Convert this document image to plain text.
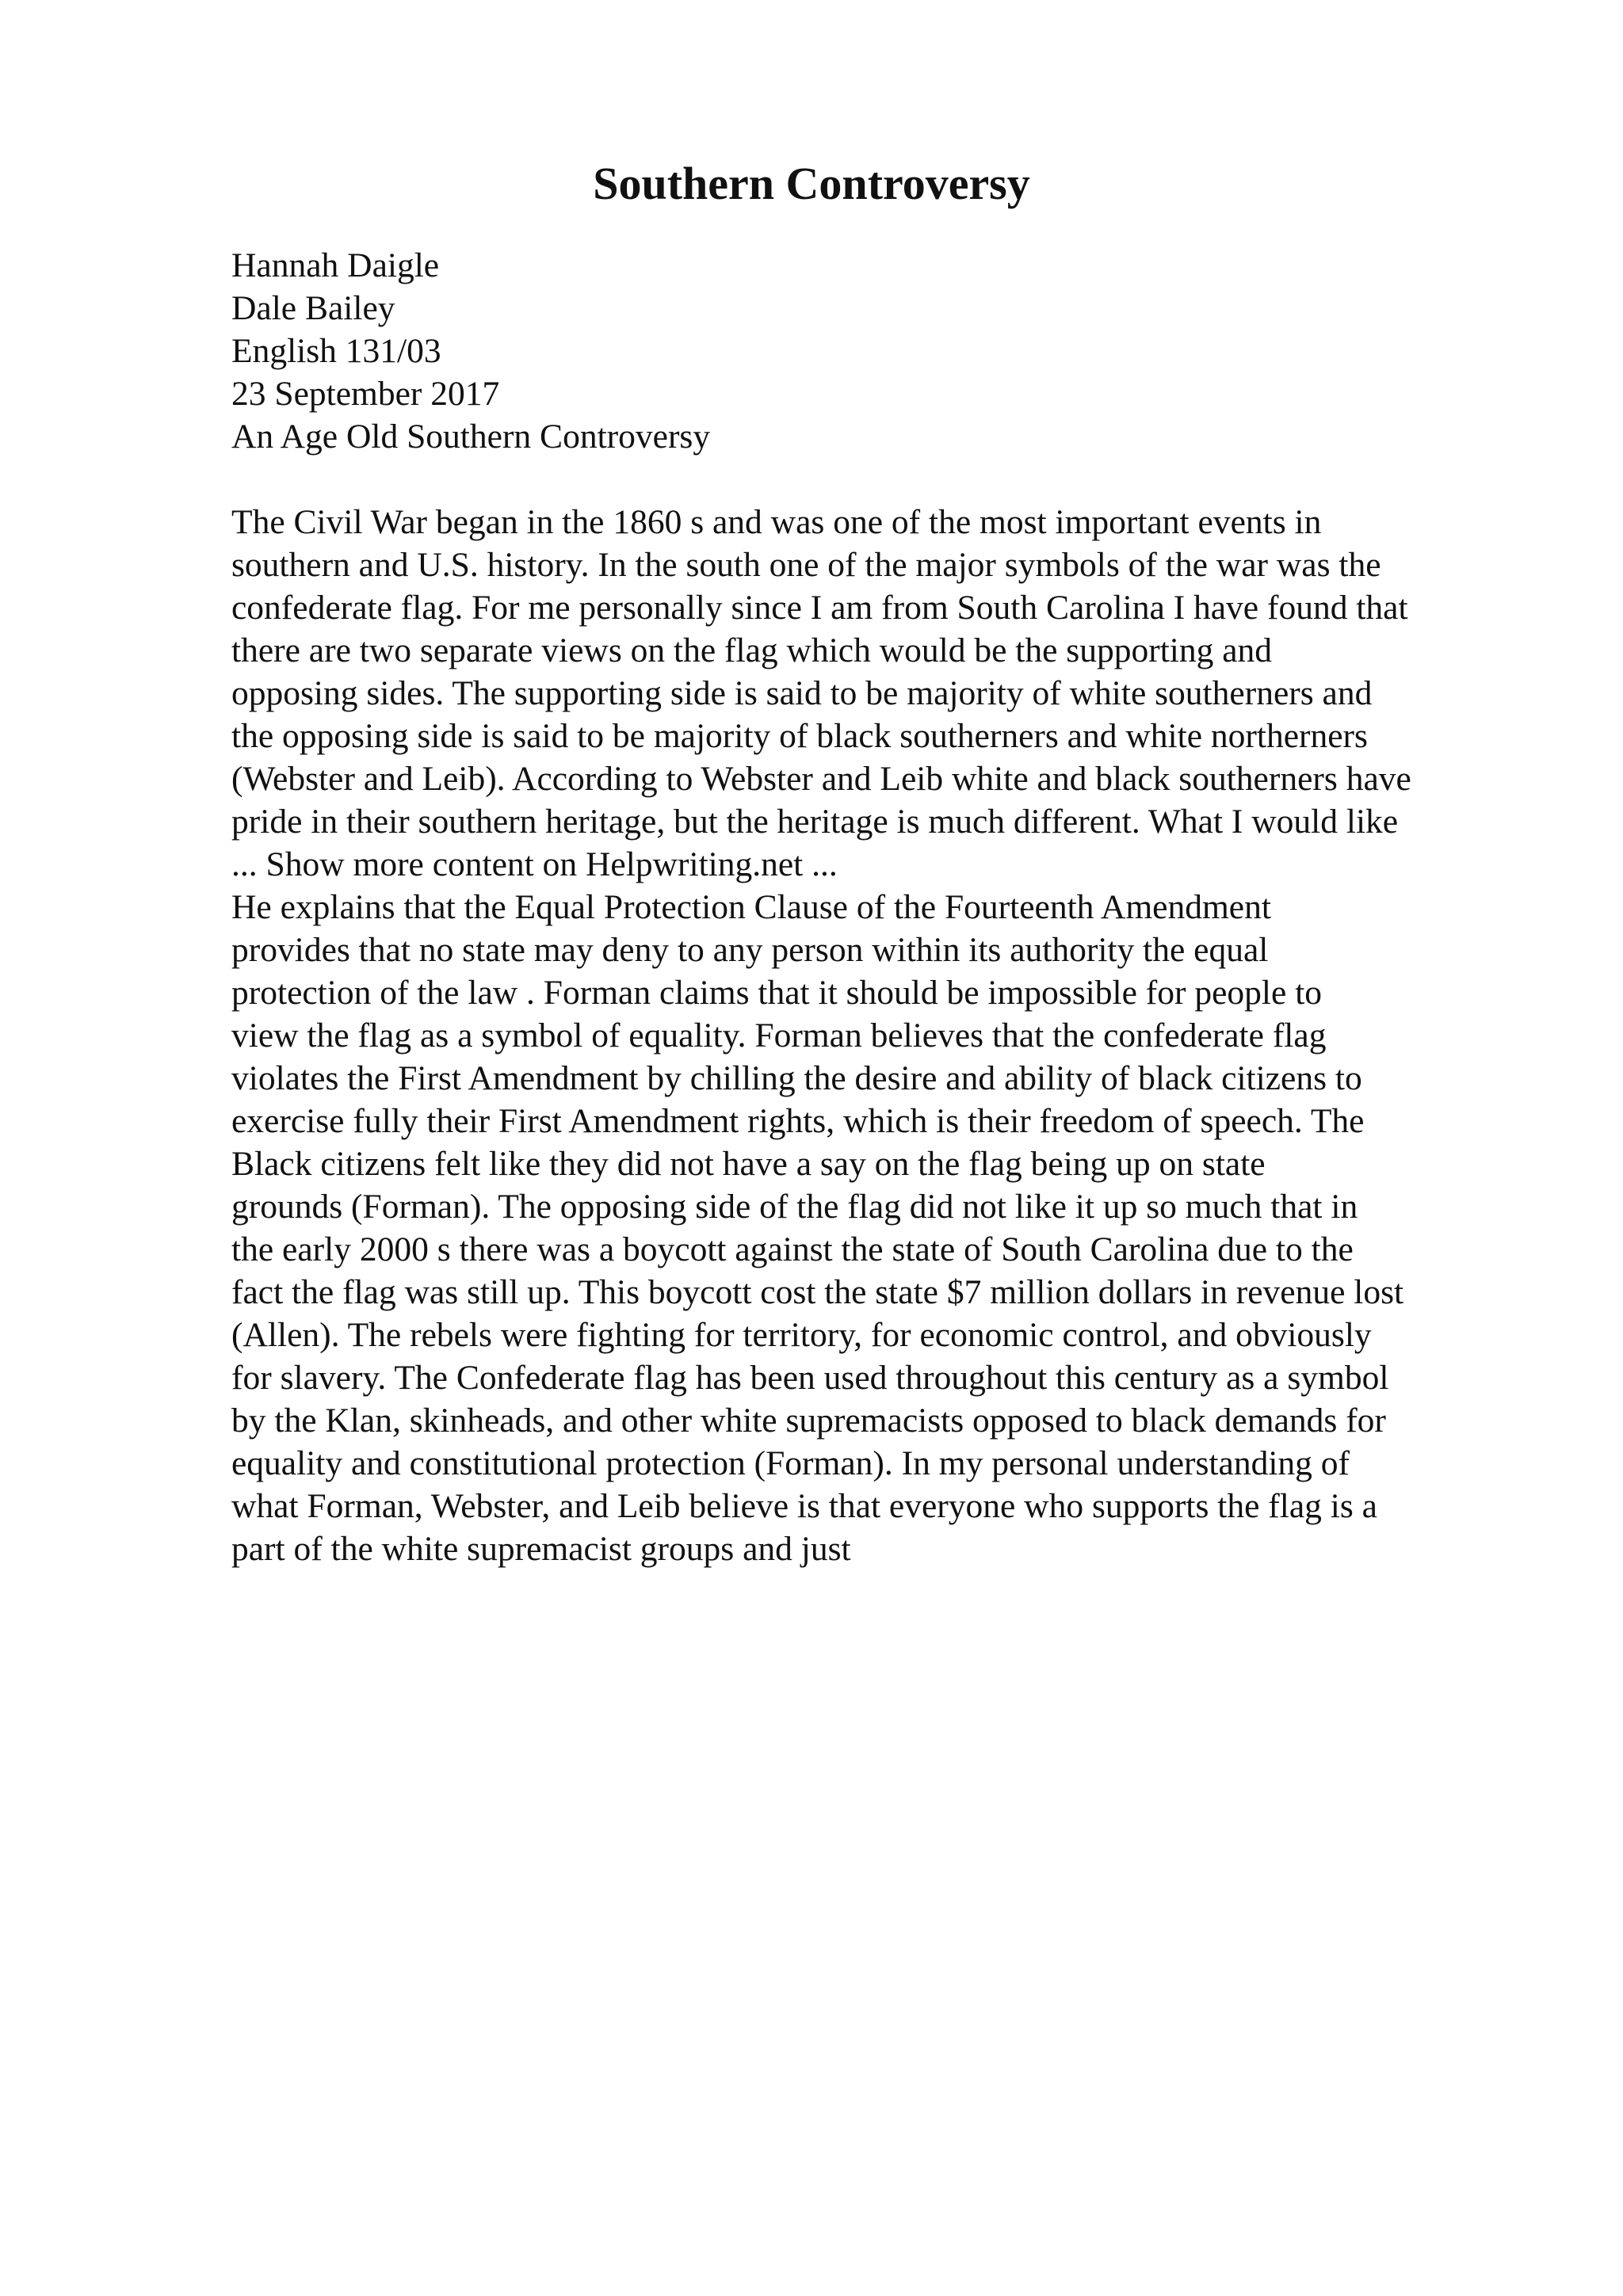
Southern Controversy
Hannah Daigle
Dale Bailey
English 131/03
23 September 2017
An Age Old Southern Controversy
The Civil War began in the 1860 s and was one of the most important events in
southern and U.S. history. In the south one of the major symbols of the war was the
confederate flag. For me personally since I am from South Carolina I have found that
there are two separate views on the flag which would be the supporting and
opposing sides. The supporting side is said to be majority of white southerners and
the opposing side is said to be majority of black southerners and white northerners
(Webster and Leib). According to Webster and Leib white and black southerners have
pride in their southern heritage, but the heritage is much different. What I would like
... Show more content on Helpwriting.net ...
He explains that the Equal Protection Clause of the Fourteenth Amendment
provides that no state may deny to any person within its authority the equal
protection of the law . Forman claims that it should be impossible for people to
view the flag as a symbol of equality. Forman believes that the confederate flag
violates the First Amendment by chilling the desire and ability of black citizens to
exercise fully their First Amendment rights, which is their freedom of speech. The
Black citizens felt like they did not have a say on the flag being up on state
grounds (Forman). The opposing side of the flag did not like it up so much that in
the early 2000 s there was a boycott against the state of South Carolina due to the
fact the flag was still up. This boycott cost the state $7 million dollars in revenue lost
(Allen). The rebels were fighting for territory, for economic control, and obviously
for slavery. The Confederate flag has been used throughout this century as a symbol
by the Klan, skinheads, and other white supremacists opposed to black demands for
equality and constitutional protection (Forman). In my personal understanding of
what Forman, Webster, and Leib believe is that everyone who supports the flag is a
part of the white supremacist groups and just
